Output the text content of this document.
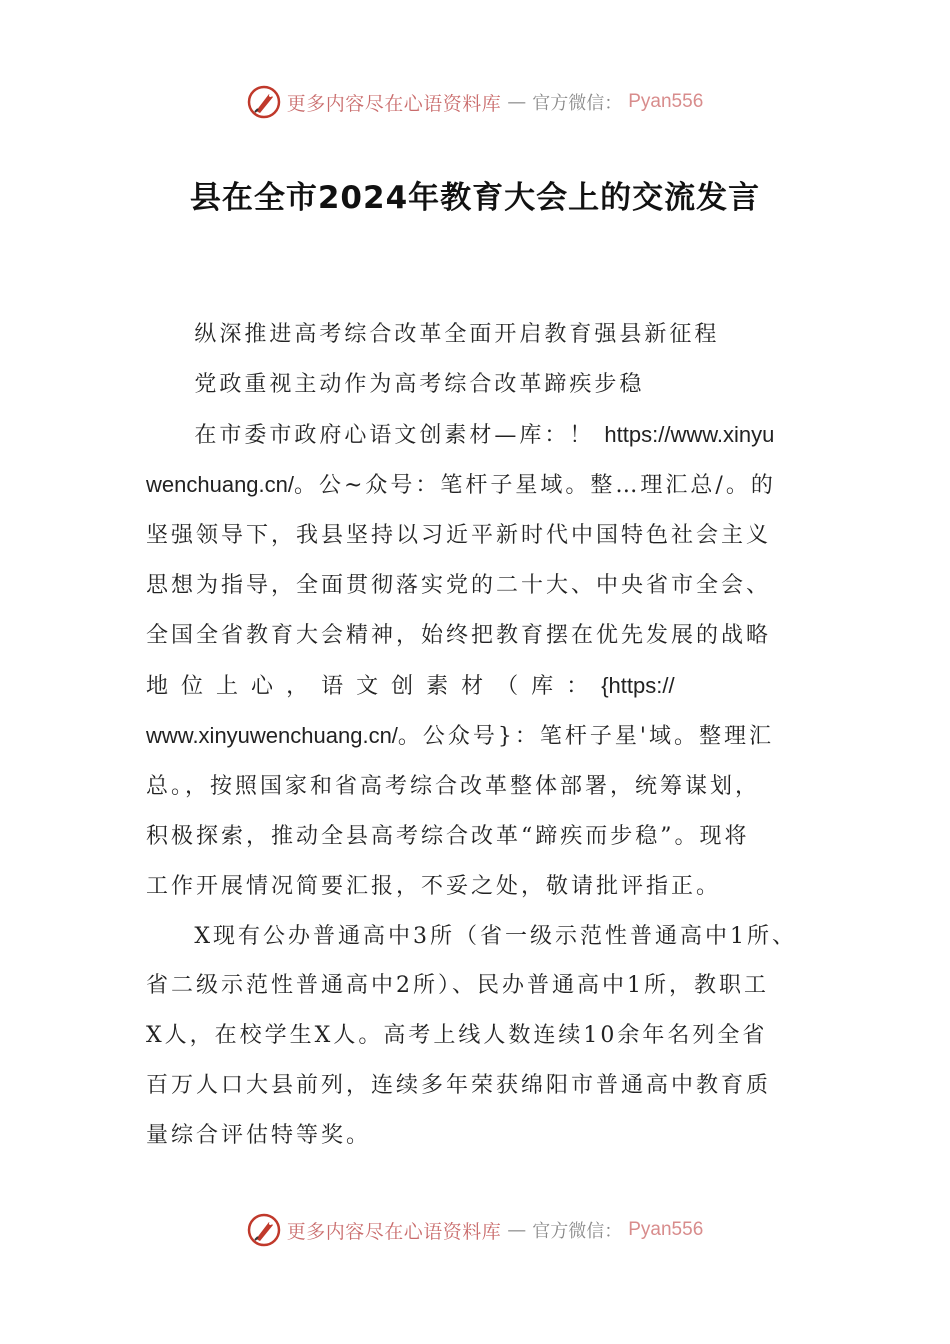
更多内容尽在心语资料库 — 官方微信： Pyan556
县在全市2024年教育大会上的交流发言

纵深推进高考综合改革全面开启教育强县新征程

党政重视主动作为高考综合改革蹄疾步稳

在市委市政府心语文创素材—库：！ https://www.xinyu
wenchuang.cn/。公~众号：笔杆子星域。整…理汇总/。的
坚强领导下，我县坚持以习近平新时代中国特色社会主义
思想为指导，全面贯彻落实党的二十大、中央省市全会、
全国全省教育大会精神，始终把教育摆在优先发展的战略
地 位 上 心 ， 语 文 创 素 材 （ 库 ： {https://
www.xinyuwenchuang.cn/。公众号}：笔杆子星'域。整理汇
总。，按照国家和省高考综合改革整体部署，统筹谋划，
积极探索，推动全县高考综合改革“蹄疾而步稳”。现将
工作开展情况简要汇报，不妥之处，敬请批评指正。
X现有公办普通高中3所（省一级示范性普通高中1所、
省二级示范性普通高中2所）、民办普通高中1所，教职工
X人，在校学生X人。高考上线人数连续10余年名列全省
百万人口大县前列，连续多年荣获绵阳市普通高中教育质
量综合评估特等奖。
更多内容尽在心语资料库 — 官方微信： Pyan556
